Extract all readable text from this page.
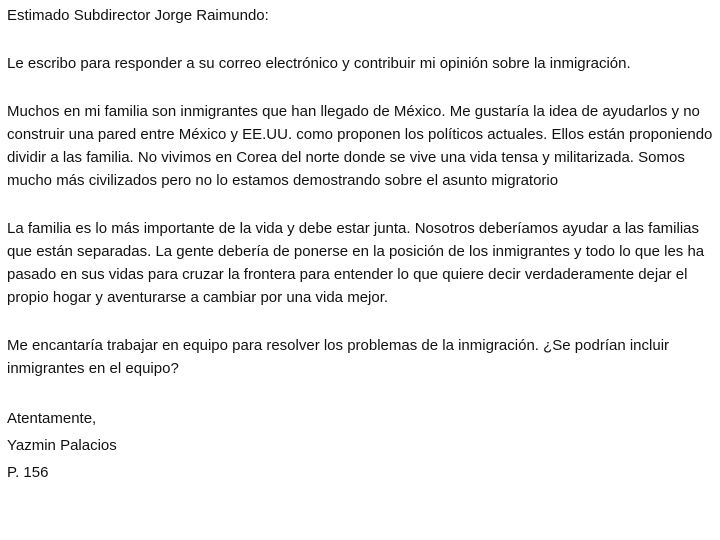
Estimado Subdirector Jorge Raimundo:

Le escribo para responder a su correo electrónico y contribuir mi opinión sobre la inmigración.

Muchos en mi familia son inmigrantes que han llegado de México. Me gustaría la idea de ayudarlos y no construir una pared entre México y EE.UU. como proponen los políticos actuales. Ellos están proponiendo dividir a las familia. No vivimos en Corea del norte donde se vive una vida tensa y militarizada. Somos mucho más civilizados pero no lo estamos demostrando sobre el asunto migratorio

La familia es lo más importante de la vida y debe estar junta. Nosotros deberíamos ayudar a las familias que están separadas. La gente debería de ponerse en la posición de los inmigrantes y todo lo que les ha pasado en sus vidas para cruzar la frontera para entender lo que quiere decir verdaderamente dejar el propio hogar y aventurarse a cambiar por una vida mejor.

Me encantaría trabajar en equipo para resolver los problemas de la inmigración. ¿Se podrían incluir inmigrantes en el equipo?

Atentamente,

Yazmin Palacios

P. 156
